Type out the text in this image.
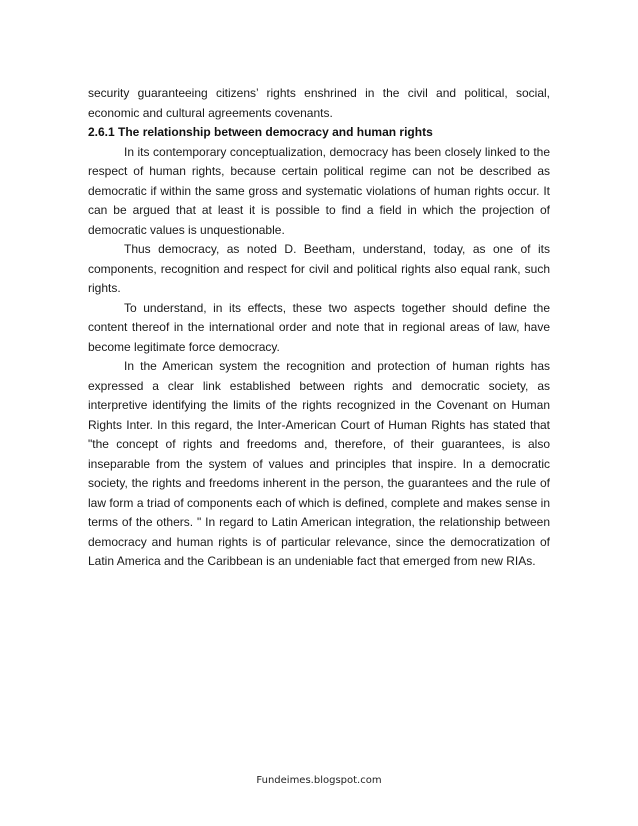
security guaranteeing citizens’ rights enshrined in the civil and political, social, economic and cultural agreements covenants.

2.6.1 The relationship between democracy and human rights

In its contemporary conceptualization, democracy has been closely linked to the respect of human rights, because certain political regime can not be described as democratic if within the same gross and systematic violations of human rights occur. It can be argued that at least it is possible to find a field in which the projection of democratic values is unquestionable.

Thus democracy, as noted D. Beetham, understand, today, as one of its components, recognition and respect for civil and political rights also equal rank, such rights.

To understand, in its effects, these two aspects together should define the content thereof in the international order and note that in regional areas of law, have become legitimate force democracy.

In the American system the recognition and protection of human rights has expressed a clear link established between rights and democratic society, as interpretive identifying the limits of the rights recognized in the Covenant on Human Rights Inter. In this regard, the Inter-American Court of Human Rights has stated that "the concept of rights and freedoms and, therefore, of their guarantees, is also inseparable from the system of values and principles that inspire. In a democratic society, the rights and freedoms inherent in the person, the guarantees and the rule of law form a triad of components each of which is defined, complete and makes sense in terms of the others. " In regard to Latin American integration, the relationship between democracy and human rights is of particular relevance, since the democratization of Latin America and the Caribbean is an undeniable fact that emerged from new RIAs.

Fundeimes.blogspot.com
